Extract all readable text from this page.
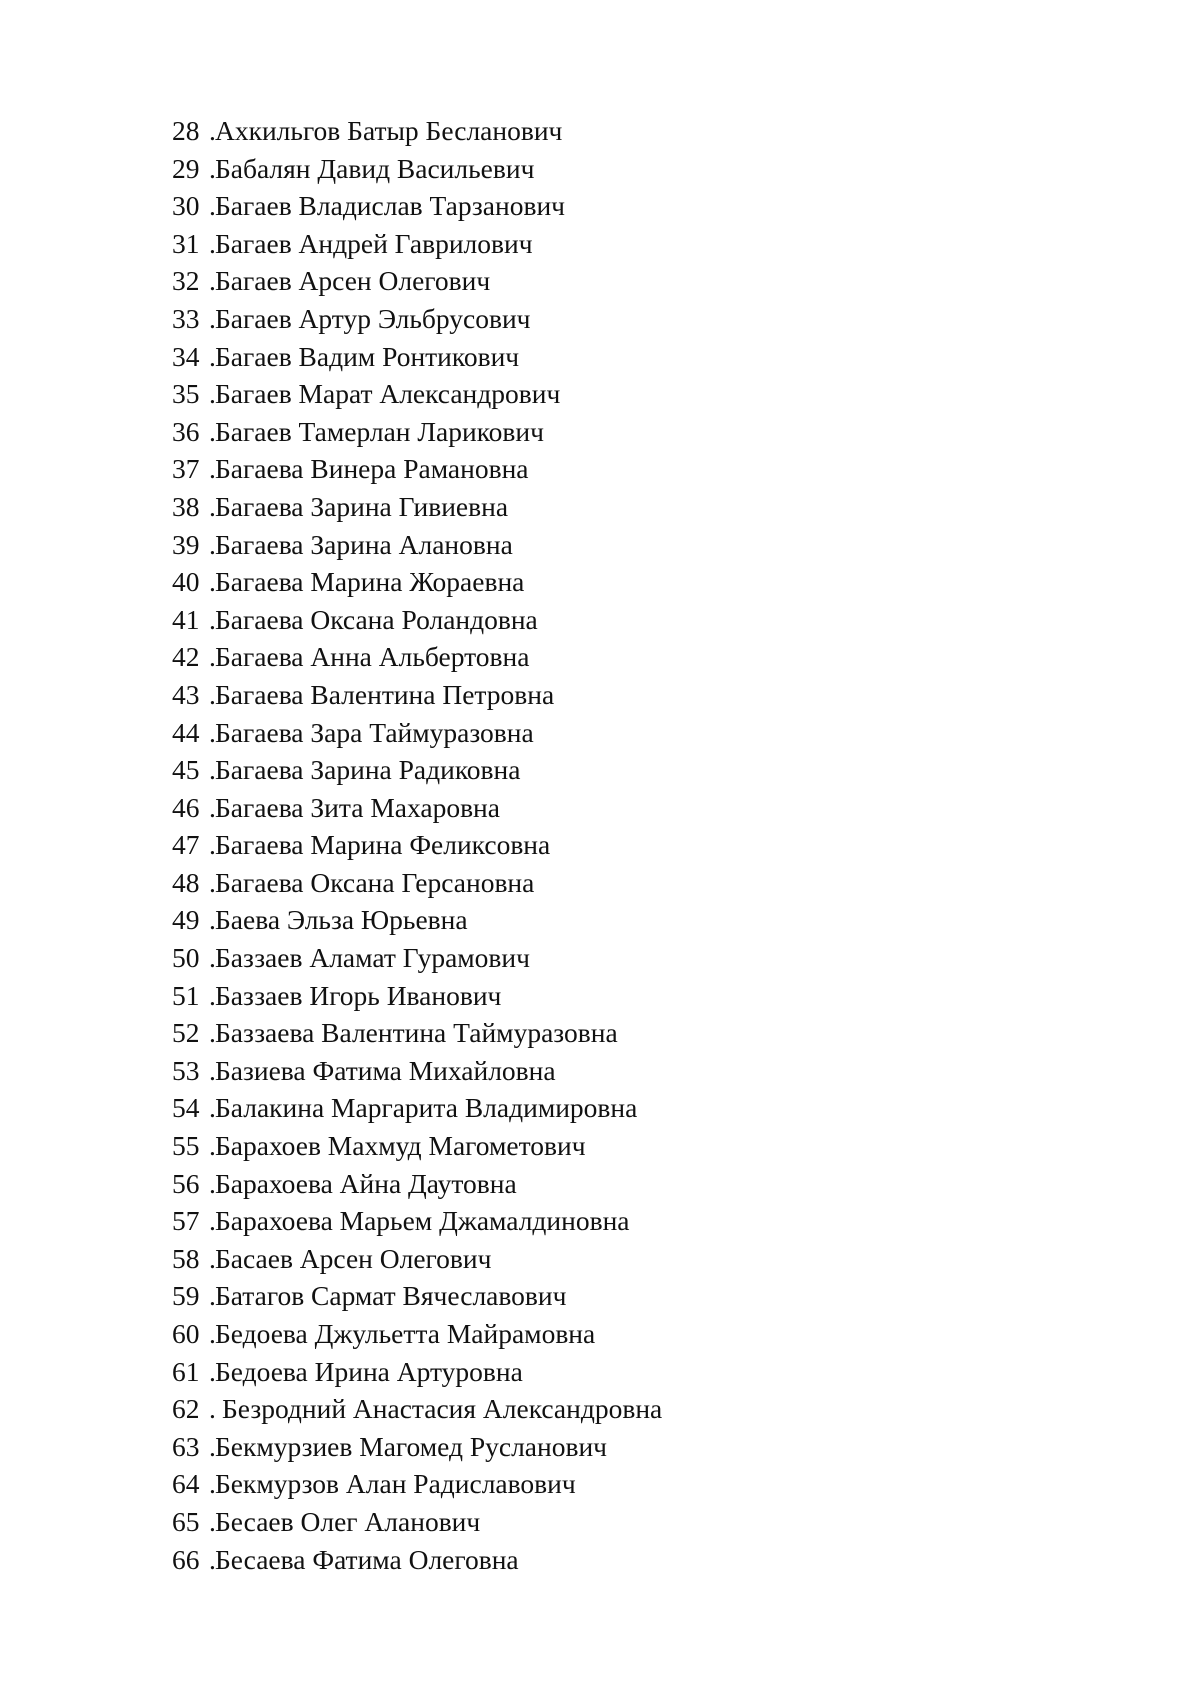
28 .Ахкильгов Батыр Бесланович
29 .Бабалян Давид Васильевич
30 .Багаев Владислав Тарзанович
31 .Багаев Андрей Гаврилович
32 .Багаев Арсен Олегович
33 .Багаев Артур Эльбрусович
34 .Багаев Вадим Ронтикович
35 .Багаев Марат Александрович
36 .Багаев Тамерлан Ларикович
37 .Багаева Винера Рамановна
38 .Багаева Зарина Гивиевна
39 .Багаева Зарина Алановна
40 .Багаева Марина Жораевна
41 .Багаева Оксана Роландовна
42 .Багаева Анна Альбертовна
43 .Багаева Валентина Петровна
44 .Багаева Зара Таймуразовна
45 .Багаева Зарина Радиковна
46 .Багаева Зита Махаровна
47 .Багаева Марина Феликсовна
48 .Багаева Оксана Герсановна
49 .Баева Эльза Юрьевна
50 .Баззаев Аламат Гурамович
51 .Баззаев Игорь Иванович
52 .Баззаева Валентина Таймуразовна
53 .Базиева Фатима Михайловна
54 .Балакина Маргарита Владимировна
55 .Барахоев Махмуд Магометович
56 .Барахоева Айна Даутовна
57 .Барахоева Марьем Джамалдиновна
58 .Басаев Арсен Олегович
59 .Батагов Сармат Вячеславович
60 .Бедоева Джульетта Майрамовна
61 .Бедоева Ирина Артуровна
62 . Безродний Анастасия Александровна
63 .Бекмурзиев Магомед Русланович
64 .Бекмурзов Алан Радиславович
65 .Бесаев Олег Аланович
66 .Бесаева Фатима Олеговна
